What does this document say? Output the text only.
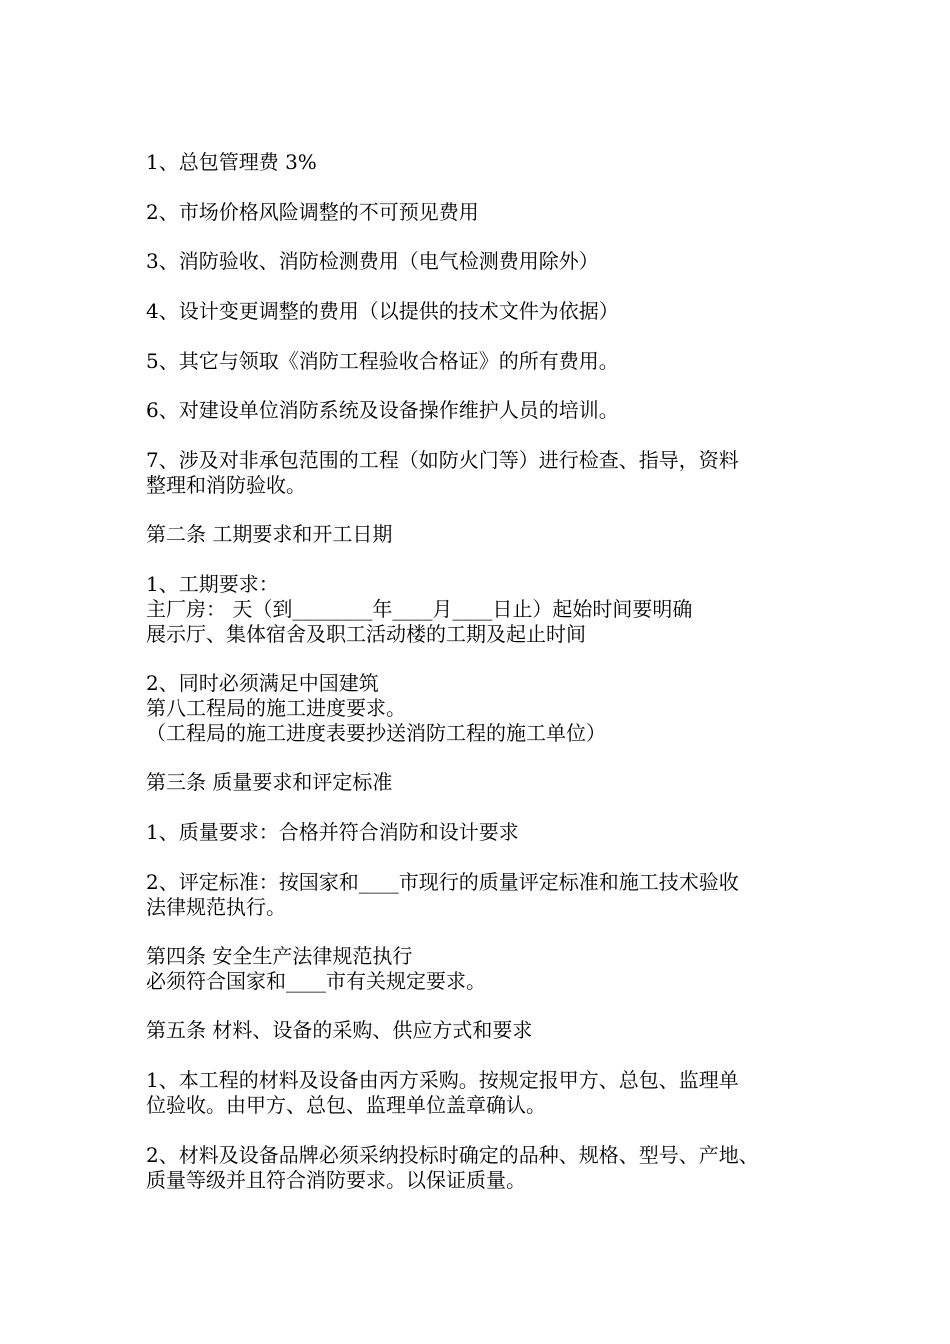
1、总包管理费 3%
2、市场价格风险调整的不可预见费用
3、消防验收、消防检测费用（电气检测费用除外）
4、设计变更调整的费用（以提供的技术文件为依据）
5、其它与领取《消防工程验收合格证》的所有费用。
6、对建设单位消防系统及设备操作维护人员的培训。
7、涉及对非承包范围的工程（如防火门等）进行检查、指导，资料
整理和消防验收。
第二条 工期要求和开工日期
1、工期要求：
主厂房： 天（到________年____月____日止）起始时间要明确
展示厅、集体宿舍及职工活动楼的工期及起止时间
2、同时必须满足中国建筑
第八工程局的施工进度要求。
（工程局的施工进度表要抄送消防工程的施工单位）
第三条 质量要求和评定标准
1、质量要求：合格并符合消防和设计要求
2、评定标准：按国家和____市现行的质量评定标准和施工技术验收
法律规范执行。
第四条 安全生产法律规范执行
必须符合国家和____市有关规定要求。
第五条 材料、设备的采购、供应方式和要求
1、本工程的材料及设备由丙方采购。按规定报甲方、总包、监理单
位验收。由甲方、总包、监理单位盖章确认。
2、材料及设备品牌必须采纳投标时确定的品种、规格、型号、产地、
质量等级并且符合消防要求。以保证质量。
